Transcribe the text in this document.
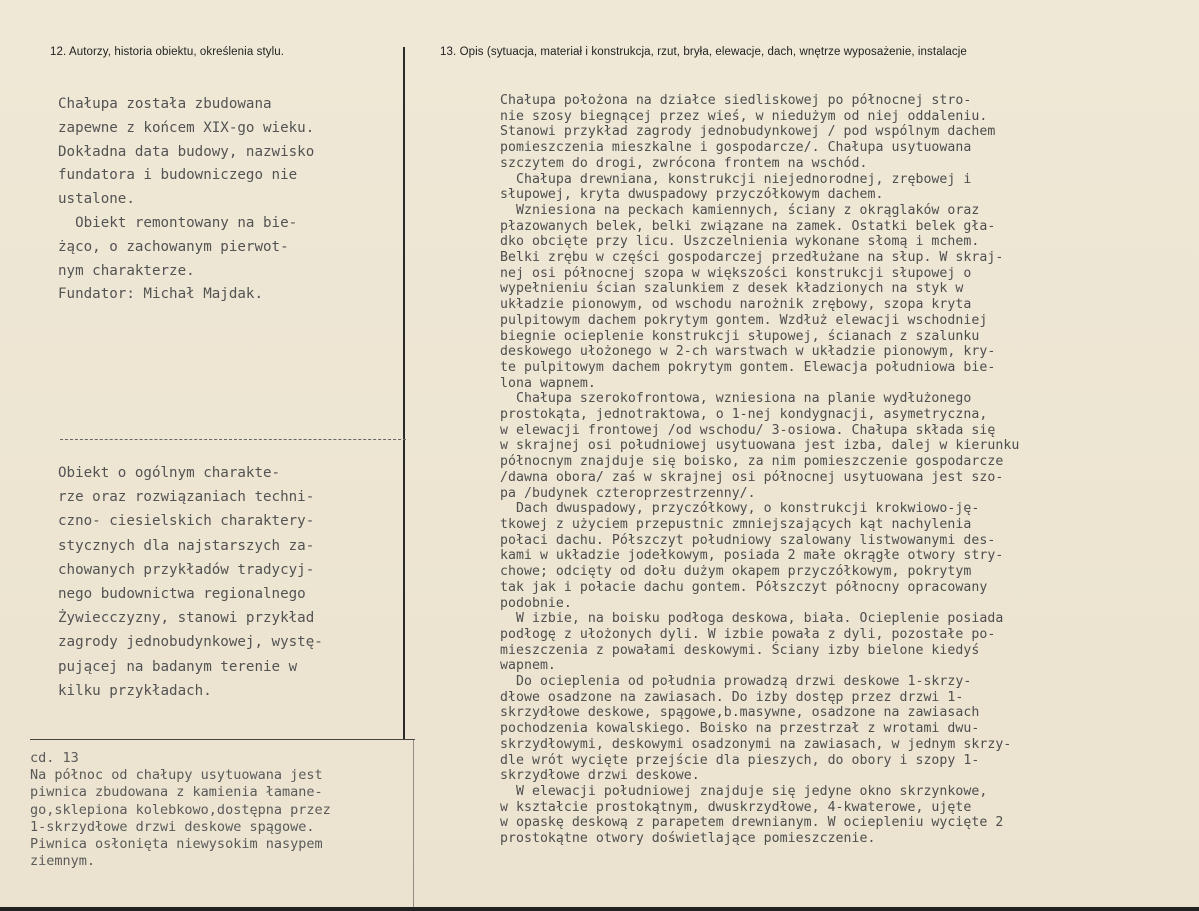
12. Autorzy, historia obiektu, określenia stylu.	13. Opis (sytuacja, materiał i konstrukcja, rzut, bryła, elewacje, dach, wnętrze wyposażenie, instalacje
Chałupa została zbudowana
zapewne z końcem XIX-go wieku.
Dokładna data budowy, nazwisko
fundatora i budowniczego nie
ustalone.
Obiekt remontowany na bie-
żąco, o zachowanym pierwot-
nym charakterze.
Fundator: Michał Majdak.
Obiekt o ogólnym charakte-
rze oraz rozwiązaniach techni-
czno- ciesielskich charaktery-
stycznych dla najstarszych za-
chowanych przykładów tradycyj-
nego budownictwa regionalnego
Żywiecczyzny, stanowi przykład
zagrody jednobudynkowej, wystę-
pującej na badanym terenie w
kilku przykładach.
cd. 13
Na północ od chałupy usytuowana jest
piwnica zbudowana z kamienia łamane-
go,sklepiona kolebkowo,dostępna przez
1-skrzydłowe drzwi deskowe spągowe.
Piwnica osłonięta niewysokim nasypem
ziemnym.
Chałupa położona na działce siedliskowej po północnej stro-
nie szosy biegnącej przez wieś, w niedużym od niej oddaleniu.
Stanowi przykład zagrody jednobudynkowej / pod wspólnym dachem
pomieszczenia mieszkalne i gospodarcze/. Chałupa usytuowana
szczytem do drogi, zwrócona frontem na wschód.
Chałupa drewniana, konstrukcji niejednorodnej, zrębowej i
słupowej, kryta dwuspadowy przyczółkowym dachem.
Wzniesiona na peckach kamiennych, ściany z okrąglaków oraz
płazowanych belek, belki związane na zamek. Ostatki belek gła-
dko obcięte przy licu. Uszczelnienia wykonane słomą i mchem.
Belki zrębu w części gospodarczej przedłużane na słup. W skraj-
nej osi północnej szopa w większości konstrukcji słupowej o
wypełnieniu ścian szalunkiem z desek kładzionych na styk w
układzie pionowym, od wschodu narożnik zrębowy, szopa kryta
pulpitowym dachem pokrytym gontem. Wzdłuż elewacji wschodniej
biegnie ocieplenie konstrukcji słupowej, ścianach z szalunku
deskowego ułożonego w 2-ch warstwach w układzie pionowym, kry-
te pulpitowym dachem pokrytym gontem. Elewacja południowa bie-
lona wapnem.
Chałupa szerokofrontowa, wzniesiona na planie wydłużonego
prostokąta, jednotraktowa, o 1-nej kondygnacji, asymetryczna,
w elewacji frontowej /od wschodu/ 3-osiowa. Chałupa składa się
w skrajnej osi południowej usytuowana jest izba, dalej w kierunku
północnym znajduje się boisko, za nim pomieszczenie gospodarcze
/dawna obora/ zaś w skrajnej osi północnej usytuowana jest szo-
pa /budynek czteroprzestrzenny/.
Dach dwuspadowy, przyczółkowy, o konstrukcji krokwiowo-ję-
tkowej z użyciem przepustnic zmniejszających kąt nachylenia
połaci dachu. Półszczyt południowy szalowany listwowanymi des-
kami w układzie jodełkowym, posiada 2 małe okrągłe otwory stry-
chowe; odcięty od dołu dużym okapem przyczółkowym, pokrytym
tak jak i połacie dachu gontem. Półszczyt północny opracowany
podobnie.
W izbie, na boisku podłoga deskowa, biała. Ocieplenie posiada
podłogę z ułożonych dyli. W izbie powała z dyli, pozostałe po-
mieszczenia z powałami deskowymi. Ściany izby bielone kiedyś
wapnem.
Do ocieplenia od południa prowadzą drzwi deskowe 1-skrzy-
dłowe osadzone na zawiasach. Do izby dostęp przez drzwi 1-
skrzydłowe deskowe, spągowe,b.masywne, osadzone na zawiasach
pochodzenia kowalskiego. Boisko na przestrzał z wrotami dwu-
skrzydłowymi, deskowymi osadzonymi na zawiasach, w jednym skrzy-
dle wrót wycięte przejście dla pieszych, do obory i szopy 1-
skrzydłowe drzwi deskowe.
W elewacji południowej znajduje się jedyne okno skrzynkowe,
w kształcie prostokątnym, dwuskrzydłowe, 4-kwaterowe, ujęte
w opaskę deskową z parapetem drewnianym. W ociepleniu wycięte 2
prostokątne otwory doświetlające pomieszczenie.
